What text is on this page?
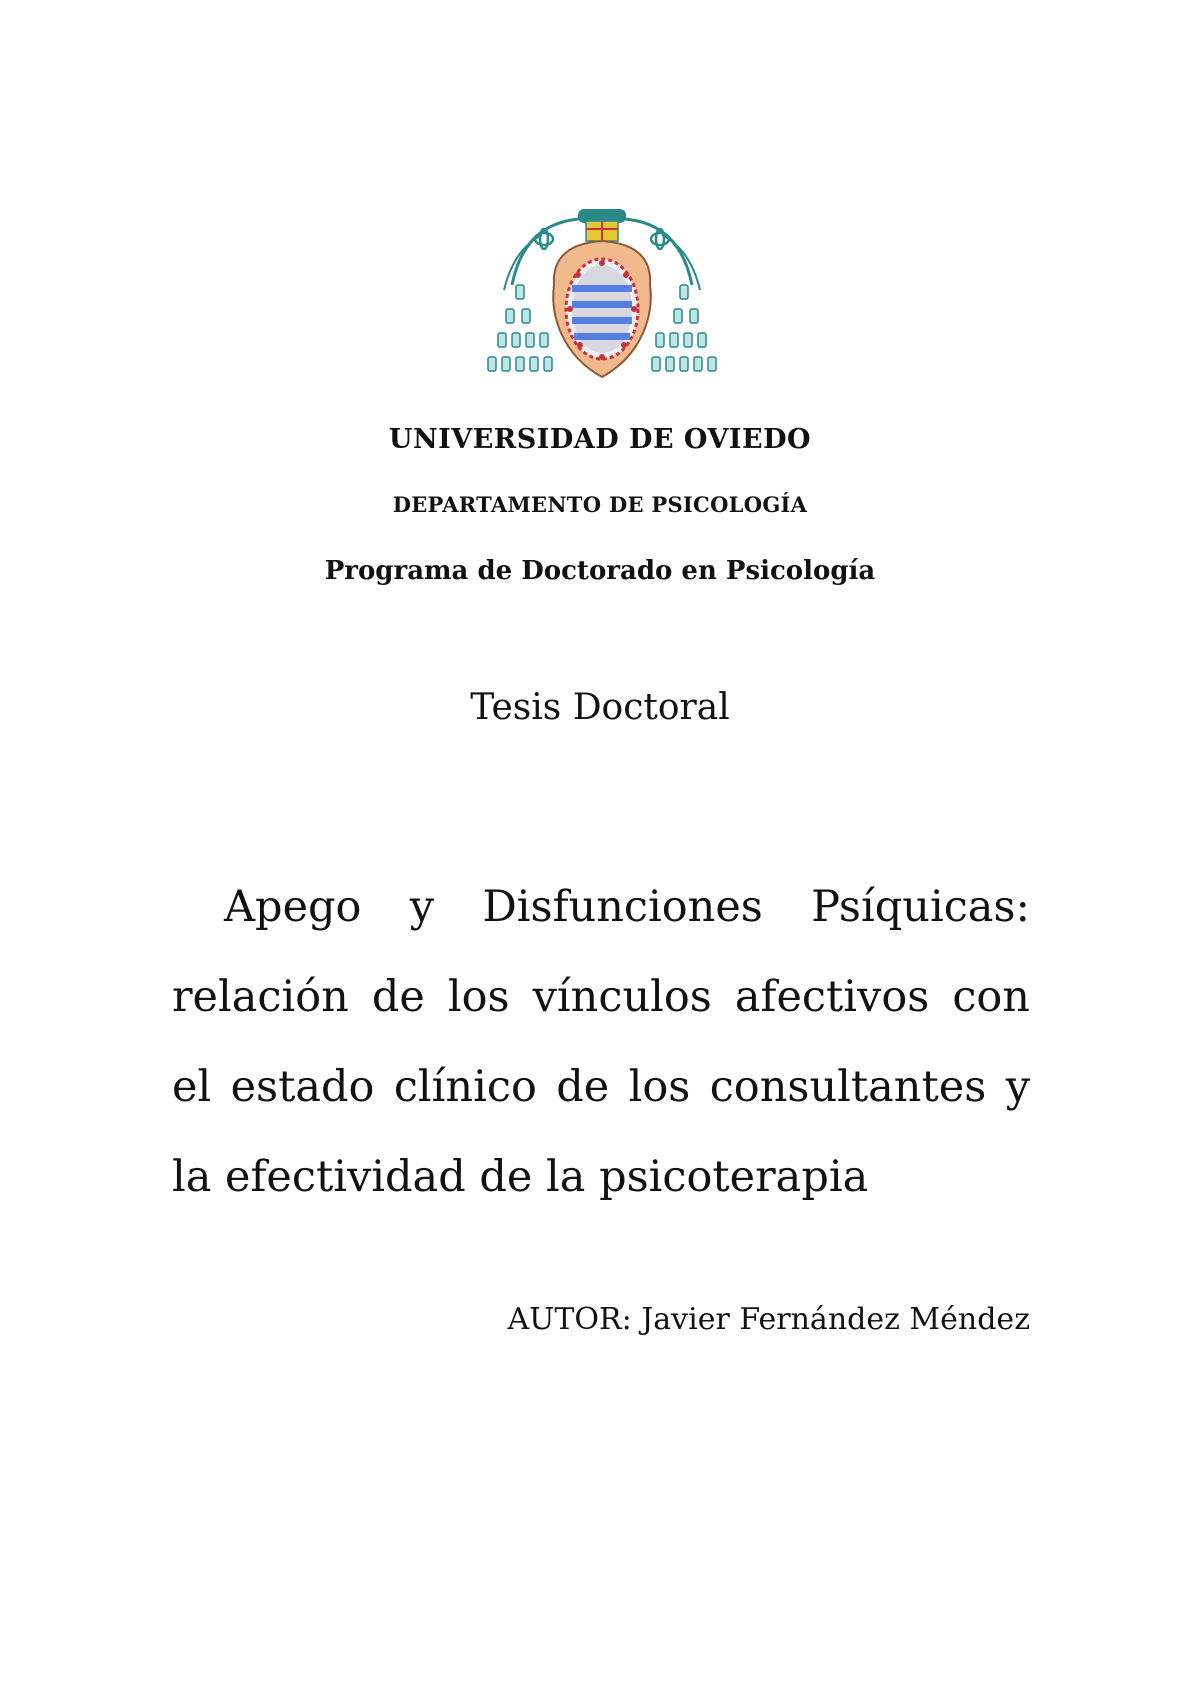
UNIVERSIDAD DE OVIEDO
DEPARTAMENTO DE PSICOLOGÍA
Programa de Doctorado en Psicología
Tesis Doctoral
Apego y Disfunciones Psíquicas: relación de los vínculos afectivos con el estado clínico de los consultantes y la efectividad de la psicoterapia
AUTOR: Javier Fernández Méndez
